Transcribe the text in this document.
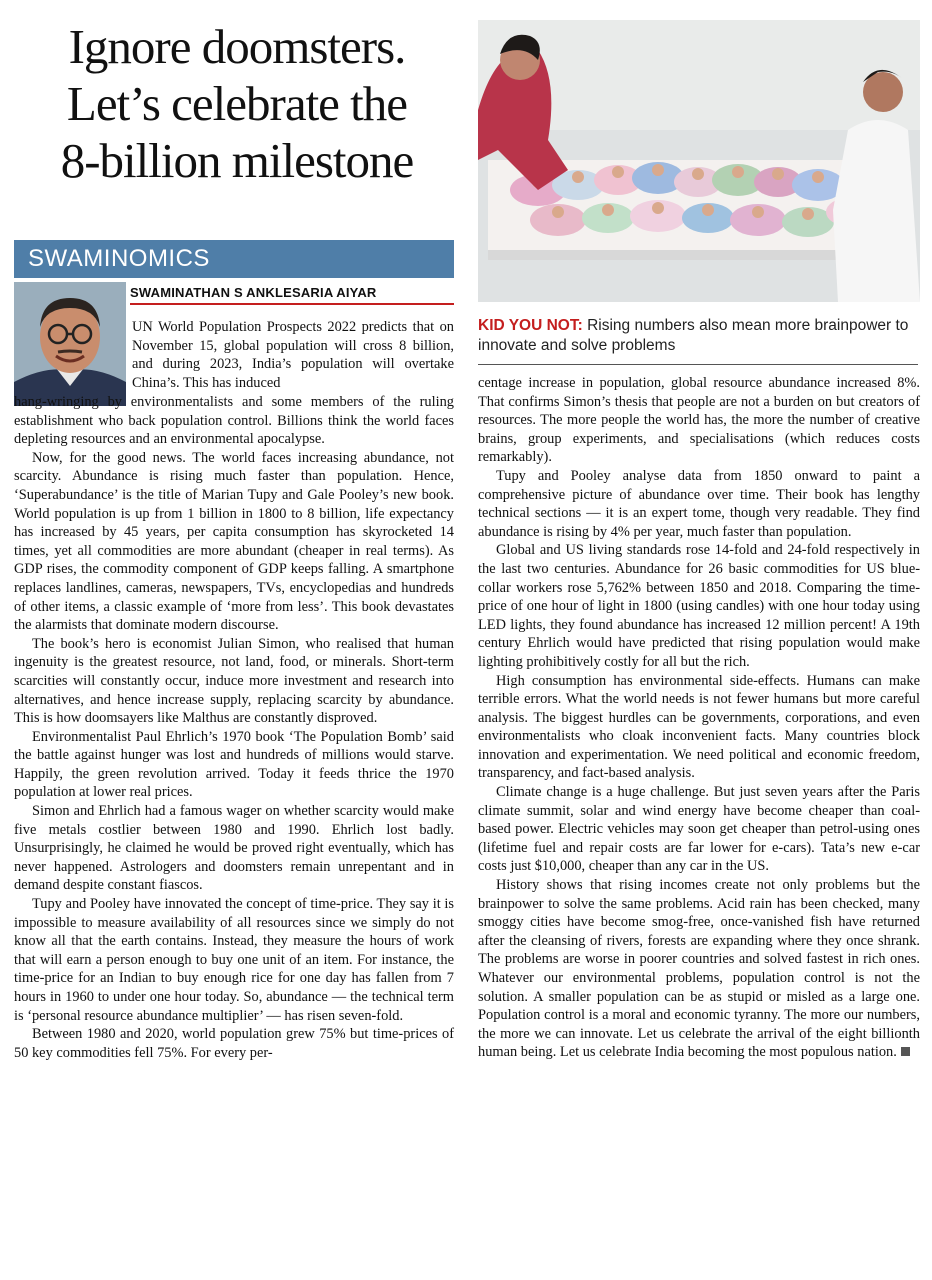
Ignore doomsters.
Let’s celebrate the
8-billion milestone
SWAMINOMICS
SWAMINATHAN S ANKLESARIA AIYAR
KID YOU NOT: Rising numbers also mean more brainpower to innovate and solve problems

UN World Population Prospects 2022 predicts that on November 15, global population will cross 8 billion, and during 2023, India’s population will overtake China’s. This has induced

hang-wringing by environmentalists and some members of the ruling establishment who back population control. Billions think the world faces depleting resources and an environmental apocalypse.

Now, for the good news. The world faces increasing abundance, not scarcity. Abundance is rising much faster than population. Hence, ‘Superabundance’ is the title of Marian Tupy and Gale Pooley’s new book. World population is up from 1 billion in 1800 to 8 billion, life expectancy has increased by 45 years, per capita consumption has skyrocketed 14 times, yet all commodities are more abundant (cheaper in real terms). As GDP rises, the commodity component of GDP keeps falling. A smartphone replaces landlines, cameras, newspapers, TVs, encyclopedias and hundreds of other items, a classic example of ‘more from less’. This book devastates the alarmists that dominate modern discourse.

The book’s hero is economist Julian Simon, who realised that human ingenuity is the greatest resource, not land, food, or minerals. Short-term scarcities will constantly occur, induce more investment and research into alternatives, and hence increase supply, replacing scarcity by abundance. This is how doomsayers like Malthus are constantly disproved.

Environmentalist Paul Ehrlich’s 1970 book ‘The Population Bomb’ said the battle against hunger was lost and hundreds of millions would starve. Happily, the green revolution arrived. Today it feeds thrice the 1970 population at lower real prices.

Simon and Ehrlich had a famous wager on whether scarcity would make five metals costlier between 1980 and 1990. Ehrlich lost badly. Unsurprisingly, he claimed he would be proved right eventually, which has never happened. Astrologers and doomsters remain unrepentant and in demand despite constant fiascos.

Tupy and Pooley have innovated the concept of time-price. They say it is impossible to measure availability of all resources since we simply do not know all that the earth contains. Instead, they measure the hours of work that will earn a person enough to buy one unit of an item. For instance, the time-price for an Indian to buy enough rice for one day has fallen from 7 hours in 1960 to under one hour today. So, abundance — the technical term is ‘personal resource abundance multiplier’ — has risen seven-fold.

Between 1980 and 2020, world population grew 75% but time-prices of 50 key commodities fell 75%. For every per-

centage increase in population, global resource abundance increased 8%. That confirms Simon’s thesis that people are not a burden on but creators of resources. The more people the world has, the more the number of creative brains, group experiments, and specialisations (which reduces costs remarkably).

Tupy and Pooley analyse data from 1850 onward to paint a comprehensive picture of abundance over time. Their book has lengthy technical sections — it is an expert tome, though very readable. They find abundance is rising by 4% per year, much faster than population.

Global and US living standards rose 14-fold and 24-fold respectively in the last two centuries. Abundance for 26 basic commodities for US blue-collar workers rose 5,762% between 1850 and 2018. Comparing the time-price of one hour of light in 1800 (using candles) with one hour today using LED lights, they found abundance has increased 12 million percent! A 19th century Ehrlich would have predicted that rising population would make lighting prohibitively costly for all but the rich.

High consumption has environmental side-effects. Humans can make terrible errors. What the world needs is not fewer humans but more careful analysis. The biggest hurdles can be governments, corporations, and even environmentalists who cloak inconvenient facts. Many countries block innovation and experimentation. We need political and economic freedom, transparency, and fact-based analysis.

Climate change is a huge challenge. But just seven years after the Paris climate summit, solar and wind energy have become cheaper than coal-based power. Electric vehicles may soon get cheaper than petrol-using ones (lifetime fuel and repair costs are far lower for e-cars). Tata’s new e-car costs just $10,000, cheaper than any car in the US.

History shows that rising incomes create not only problems but the brainpower to solve the same problems. Acid rain has been checked, many smoggy cities have become smog-free, once-vanished fish have returned after the cleansing of rivers, forests are expanding where they once shrank. The problems are worse in poorer countries and solved fastest in rich ones. Whatever our environmental problems, population control is not the solution. A smaller population can be as stupid or misled as a large one. Population control is a moral and economic tyranny. The more our numbers, the more we can innovate. Let us celebrate the arrival of the eight billionth human being. Let us celebrate India becoming the most populous nation.
